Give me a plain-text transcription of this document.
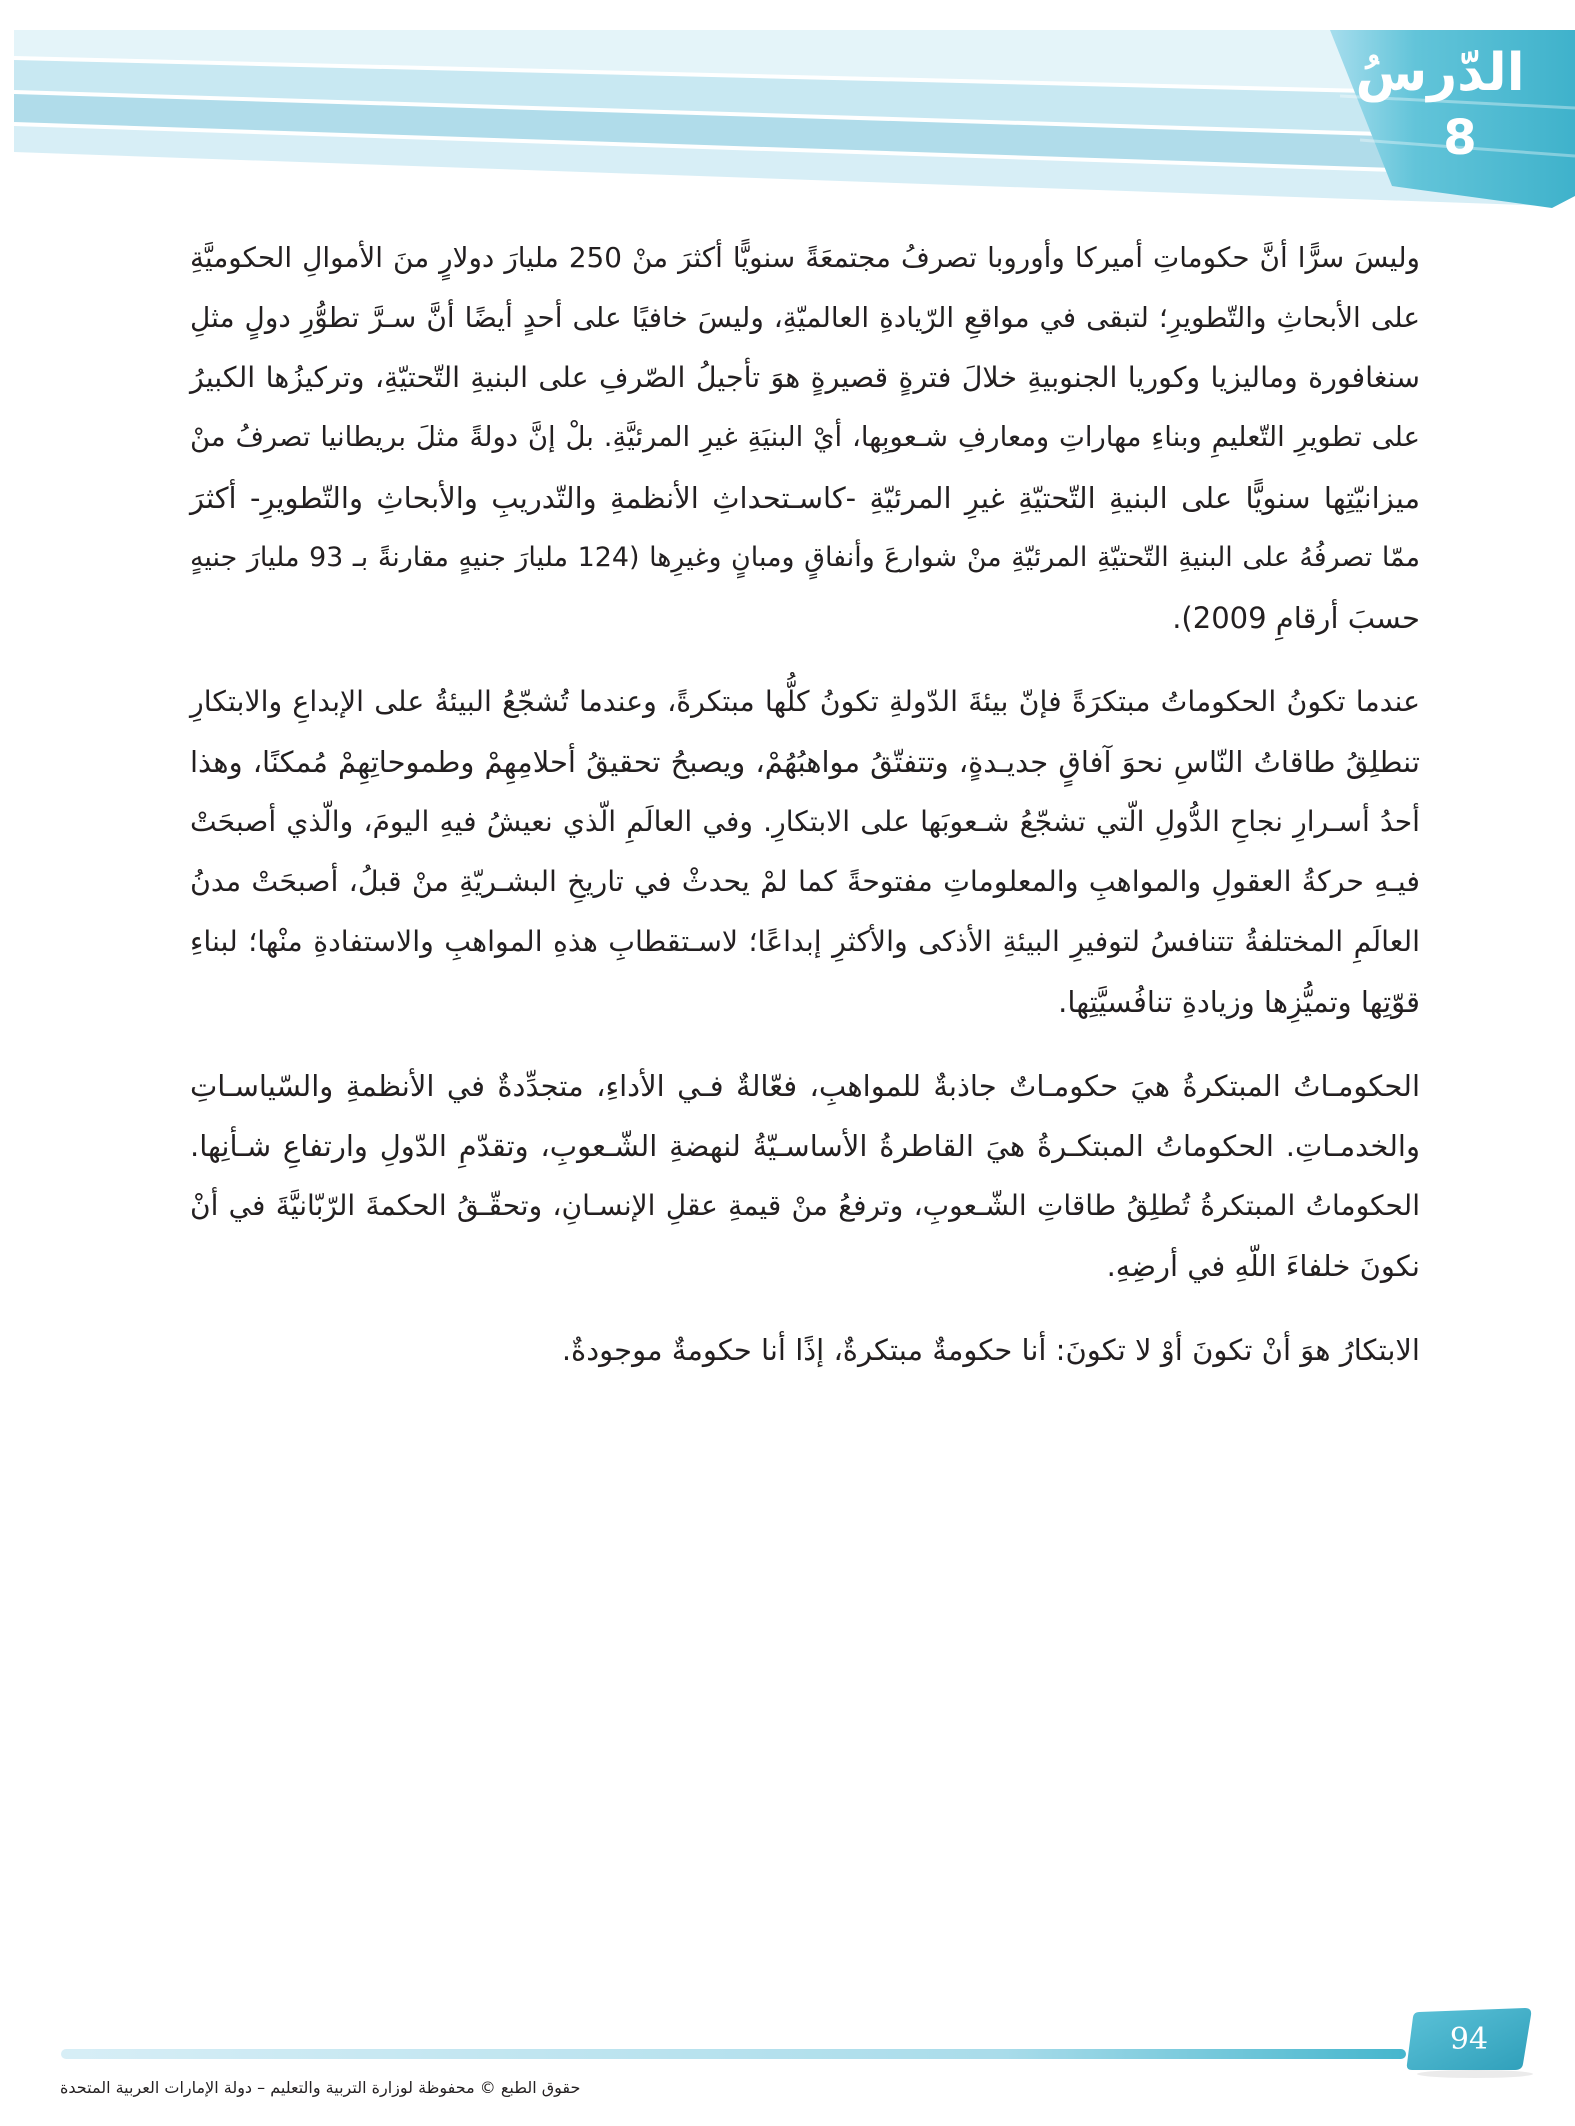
الدّرسُ
8
وليسَ سرًّا أنَّ حكوماتِ أميركا وأوروبا تصرفُ مجتمعَةً سنويًّا أكثرَ منْ 250 مليارَ دولارٍ منَ الأموالِ الحكوميَّةِ
على الأبحاثِ والتّطويرِ؛ لتبقى في مواقعِ الرّيادةِ العالميّةِ، وليسَ خافيًا على أحدٍ أيضًا أنَّ سـرَّ تطوُّرِ دولٍ مثلِ
سنغافورة وماليزيا وكوريا الجنوبيةِ خلالَ فترةٍ قصيرةٍ هوَ تأجيلُ الصّرفِ على البنيةِ التّحتيّةِ، وتركيزُها الكبيرُ
على تطويرِ التّعليمِ وبناءِ مهاراتِ ومعارفِ شـعوبِها، أيْ البنيَةِ غيرِ المرئيَّةِ. بلْ إنَّ دولةً مثلَ بريطانيا تصرفُ منْ
ميزانيّتِها سنويًّا على البنيةِ التّحتيّةِ غيرِ المرئيّةِ -كاسـتحداثِ الأنظمةِ والتّدريبِ والأبحاثِ والتّطويرِ- أكثرَ
ممّا تصرفُهُ على البنيةِ التّحتيّةِ المرئيّةِ منْ شوارعَ وأنفاقٍ ومبانٍ وغيرِها (124 مليارَ جنيهٍ مقارنةً بـ 93 مليارَ جنيهٍ
حسبَ أرقامِ 2009).
عندما تكونُ الحكوماتُ مبتكرَةً فإنّ بيئةَ الدّولةِ تكونُ كلُّها مبتكرةً، وعندما تُشجّعُ البيئةُ على الإبداعِ والابتكارِ
تنطلِقُ طاقاتُ النّاسِ نحوَ آفاقٍ جديـدةٍ، وتتفتّقُ مواهبُهُمْ، ويصبحُ تحقيقُ أحلامِهِمْ وطموحاتِهِمْ مُمكنًا، وهذا
أحدُ أسـرارِ نجاحِ الدُّولِ الّتي تشجّعُ شـعوبَها على الابتكارِ. وفي العالَمِ الّذي نعيشُ فيهِ اليومَ، والّذي أصبحَتْ
فيـهِ حركةُ العقولِ والمواهبِ والمعلوماتِ مفتوحةً كما لمْ يحدثْ في تاريخِ البشـريّةِ منْ قبلُ، أصبحَتْ مدنُ
العالَمِ المختلفةُ تتنافسُ لتوفيرِ البيئةِ الأذكى والأكثرِ إبداعًا؛ لاسـتقطابِ هذهِ المواهبِ والاستفادةِ منْها؛ لبناءِ
قوّتِها وتميُّزِها وزيادةِ تنافُسيَّتِها.
الحكومـاتُ المبتكرةُ هيَ حكومـاتٌ جاذبةٌ للمواهبِ، فعّالةٌ فـي الأداءِ، متجدِّدةٌ في الأنظمةِ والسّياسـاتِ
والخدمـاتِ. الحكوماتُ المبتكـرةُ هيَ القاطرةُ الأساسـيّةُ لنهضةِ الشّـعوبِ، وتقدّمِ الدّولِ وارتفاعِ شـأنِها.
الحكوماتُ المبتكرةُ تُطلِقُ طاقاتِ الشّـعوبِ، وترفعُ منْ قيمةِ عقلِ الإنسـانِ، وتحقّـقُ الحكمةَ الرّبّانيَّةَ في أنْ
نكونَ خلفاءَ اللّهِ في أرضِهِ.
الابتكارُ هوَ أنْ تكونَ أوْ لا تكونَ: أنا حكومةٌ مبتكرةٌ، إذًا أنا حكومةٌ موجودةٌ.
94
حقوق الطبع © محفوظة لوزارة التربية والتعليم – دولة الإمارات العربية المتحدة
